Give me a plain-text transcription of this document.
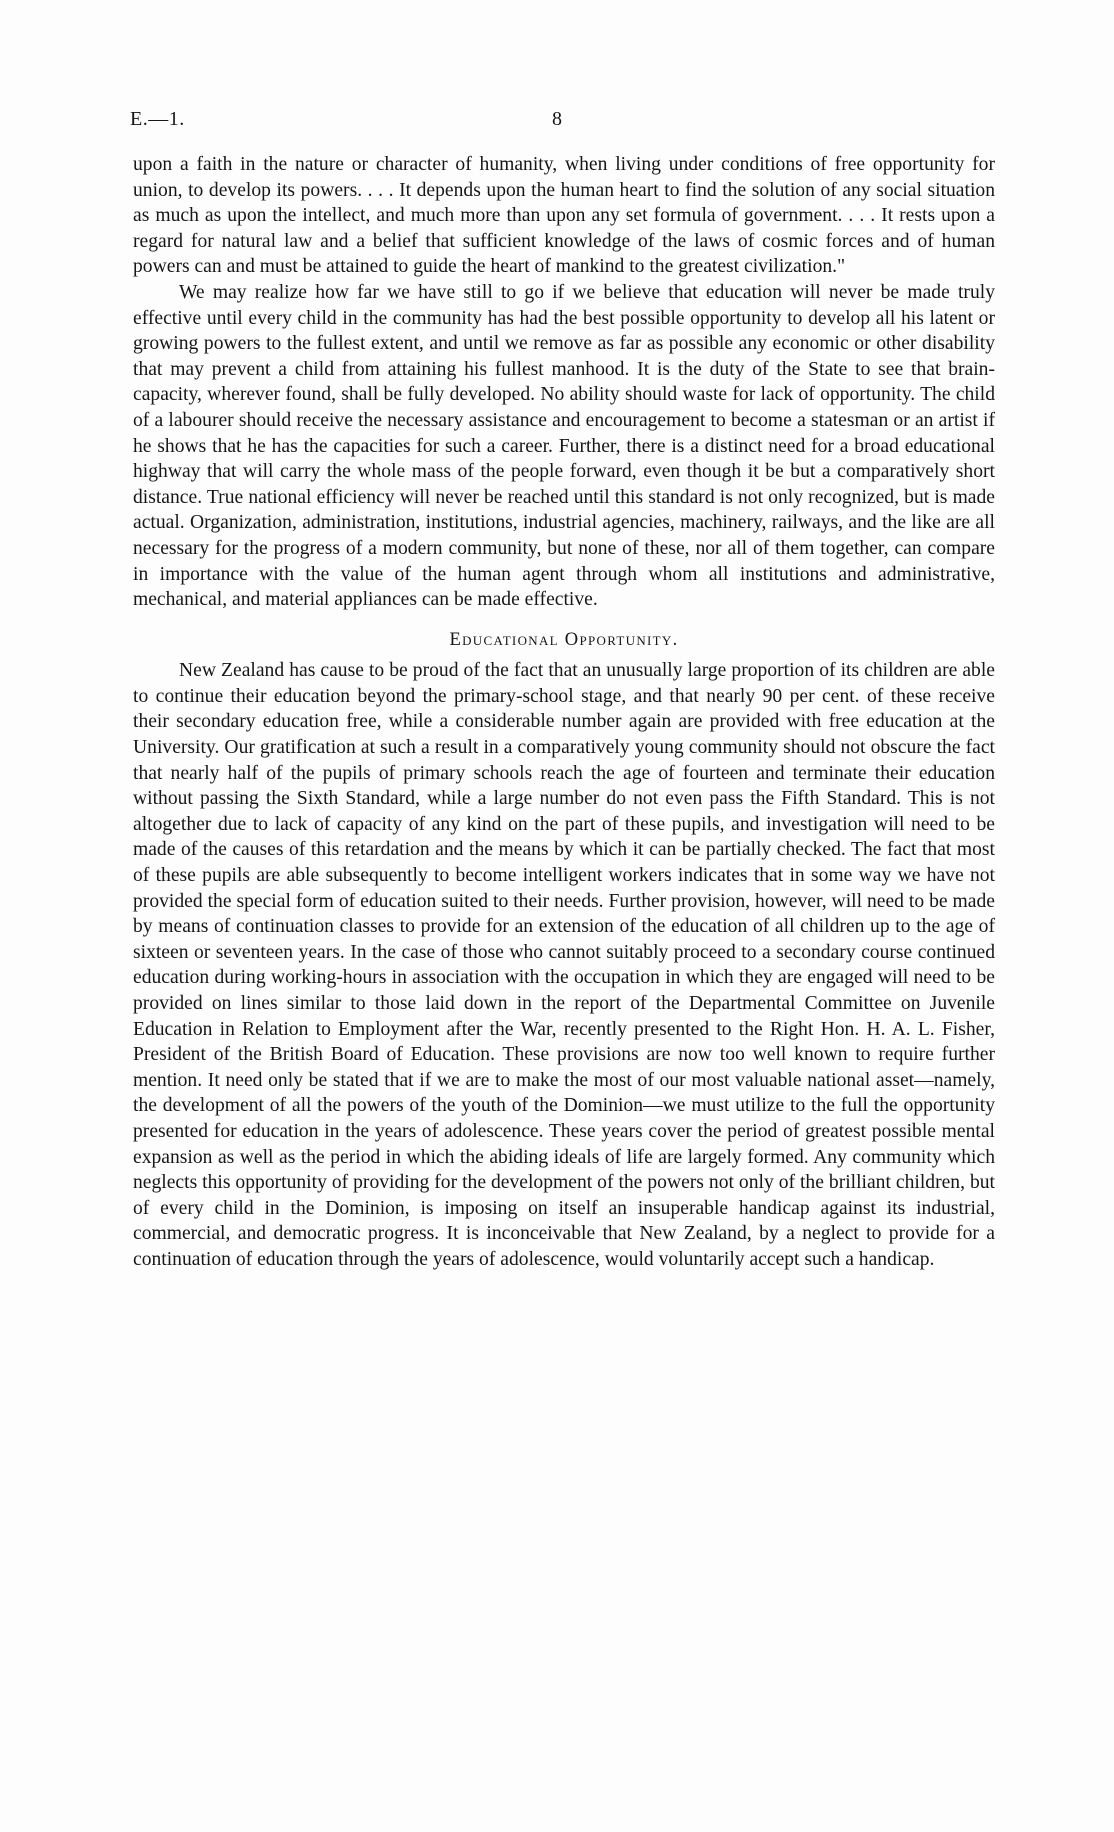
E.—1.	8

upon a faith in the nature or character of humanity, when living under conditions of free opportunity for union, to develop its powers. . . . It depends upon the human heart to find the solution of any social situation as much as upon the intellect, and much more than upon any set formula of government. . . . It rests upon a regard for natural law and a belief that sufficient knowledge of the laws of cosmic forces and of human powers can and must be attained to guide the heart of mankind to the greatest civilization."

We may realize how far we have still to go if we believe that education will never be made truly effective until every child in the community has had the best possible opportunity to develop all his latent or growing powers to the fullest extent, and until we remove as far as possible any economic or other disability that may prevent a child from attaining his fullest manhood. It is the duty of the State to see that brain-capacity, wherever found, shall be fully developed. No ability should waste for lack of opportunity. The child of a labourer should receive the necessary assistance and encouragement to become a statesman or an artist if he shows that he has the capacities for such a career. Further, there is a distinct need for a broad educational highway that will carry the whole mass of the people forward, even though it be but a comparatively short distance. True national efficiency will never be reached until this standard is not only recognized, but is made actual. Organization, administration, institutions, industrial agencies, machinery, railways, and the like are all necessary for the progress of a modern community, but none of these, nor all of them together, can compare in importance with the value of the human agent through whom all institutions and administrative, mechanical, and material appliances can be made effective.

Educational Opportunity.

New Zealand has cause to be proud of the fact that an unusually large proportion of its children are able to continue their education beyond the primary-school stage, and that nearly 90 per cent. of these receive their secondary education free, while a considerable number again are provided with free education at the University. Our gratification at such a result in a comparatively young community should not obscure the fact that nearly half of the pupils of primary schools reach the age of fourteen and terminate their education without passing the Sixth Standard, while a large number do not even pass the Fifth Standard. This is not altogether due to lack of capacity of any kind on the part of these pupils, and investigation will need to be made of the causes of this retardation and the means by which it can be partially checked. The fact that most of these pupils are able subsequently to become intelligent workers indicates that in some way we have not provided the special form of education suited to their needs. Further provision, however, will need to be made by means of continuation classes to provide for an extension of the education of all children up to the age of sixteen or seventeen years. In the case of those who cannot suitably proceed to a secondary course continued education during working-hours in association with the occupation in which they are engaged will need to be provided on lines similar to those laid down in the report of the Departmental Committee on Juvenile Education in Relation to Employment after the War, recently presented to the Right Hon. H. A. L. Fisher, President of the British Board of Education. These provisions are now too well known to require further mention. It need only be stated that if we are to make the most of our most valuable national asset—namely, the development of all the powers of the youth of the Dominion—we must utilize to the full the opportunity presented for education in the years of adolescence. These years cover the period of greatest possible mental expansion as well as the period in which the abiding ideals of life are largely formed. Any community which neglects this opportunity of providing for the development of the powers not only of the brilliant children, but of every child in the Dominion, is imposing on itself an insuperable handicap against its industrial, commercial, and democratic progress. It is inconceivable that New Zealand, by a neglect to provide for a continuation of education through the years of adolescence, would voluntarily accept such a handicap.
